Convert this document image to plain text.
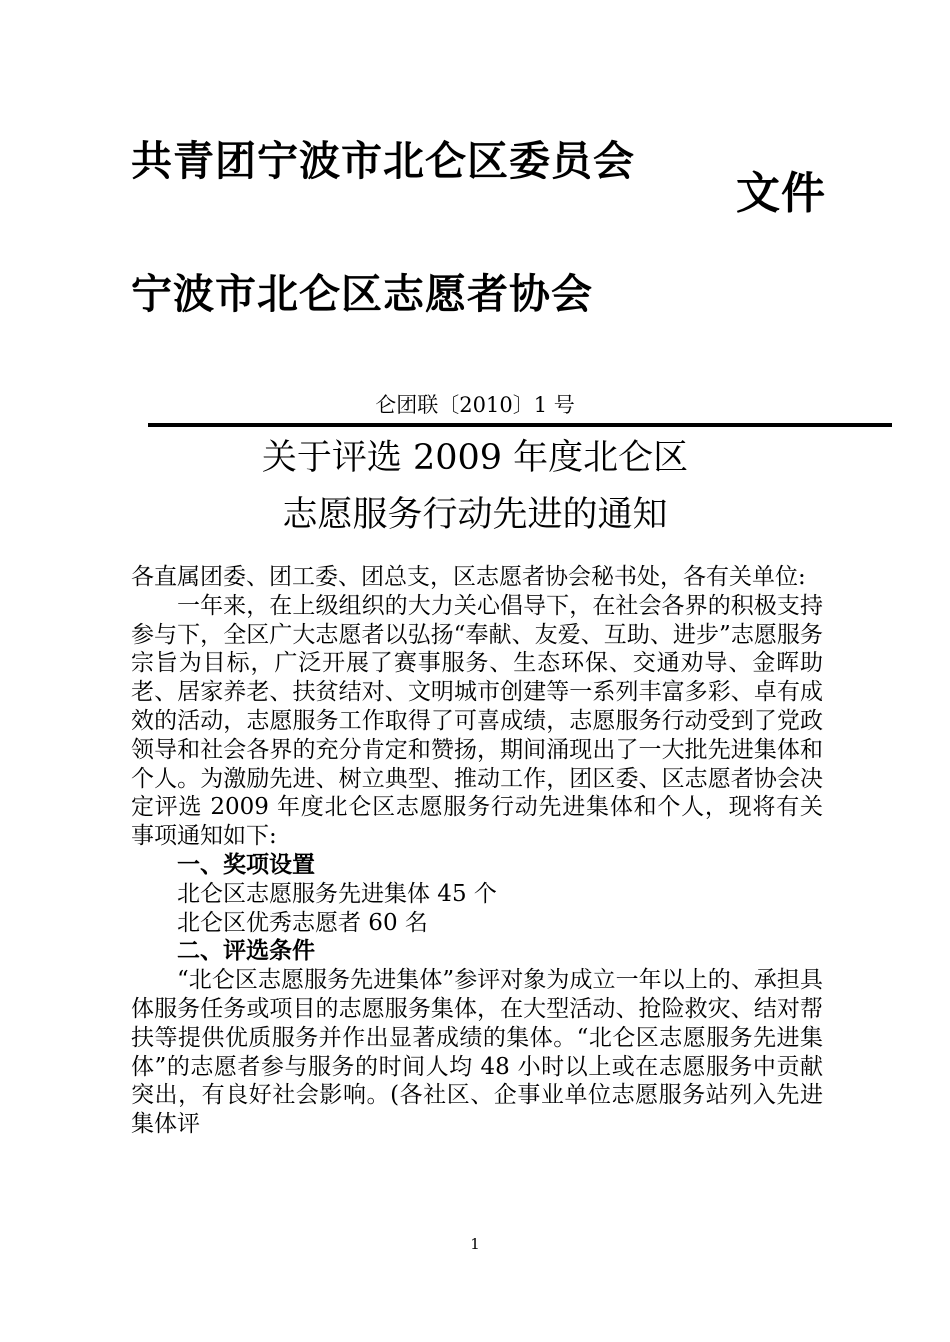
共青团宁波市北仑区委员会
文件
宁波市北仑区志愿者协会
仑团联〔2010〕1 号
关于评选 2009 年度北仑区
志愿服务行动先进的通知

各直属团委、团工委、团总支，区志愿者协会秘书处，各有关单位:

一年来，在上级组织的大力关心倡导下，在社会各界的积极支持参与下，全区广大志愿者以弘扬“奉献、友爱、互助、进步”志愿服务宗旨为目标，广泛开展了赛事服务、生态环保、交通劝导、金晖助老、居家养老、扶贫结对、文明城市创建等一系列丰富多彩、卓有成效的活动，志愿服务工作取得了可喜成绩，志愿服务行动受到了党政领导和社会各界的充分肯定和赞扬，期间涌现出了一大批先进集体和个人。为激励先进、树立典型、推动工作，团区委、区志愿者协会决定评选 2009 年度北仑区志愿服务行动先进集体和个人，现将有关事项通知如下:

一、奖项设置

北仑区志愿服务先进集体 45 个

北仑区优秀志愿者 60 名

二、评选条件

“北仑区志愿服务先进集体”参评对象为成立一年以上的、承担具体服务任务或项目的志愿服务集体，在大型活动、抢险救灾、结对帮扶等提供优质服务并作出显著成绩的集体。“北仑区志愿服务先进集体”的志愿者参与服务的时间人均 48 小时以上或在志愿服务中贡献突出，有良好社会影响。(各社区、企事业单位志愿服务站列入先进集体评

1
